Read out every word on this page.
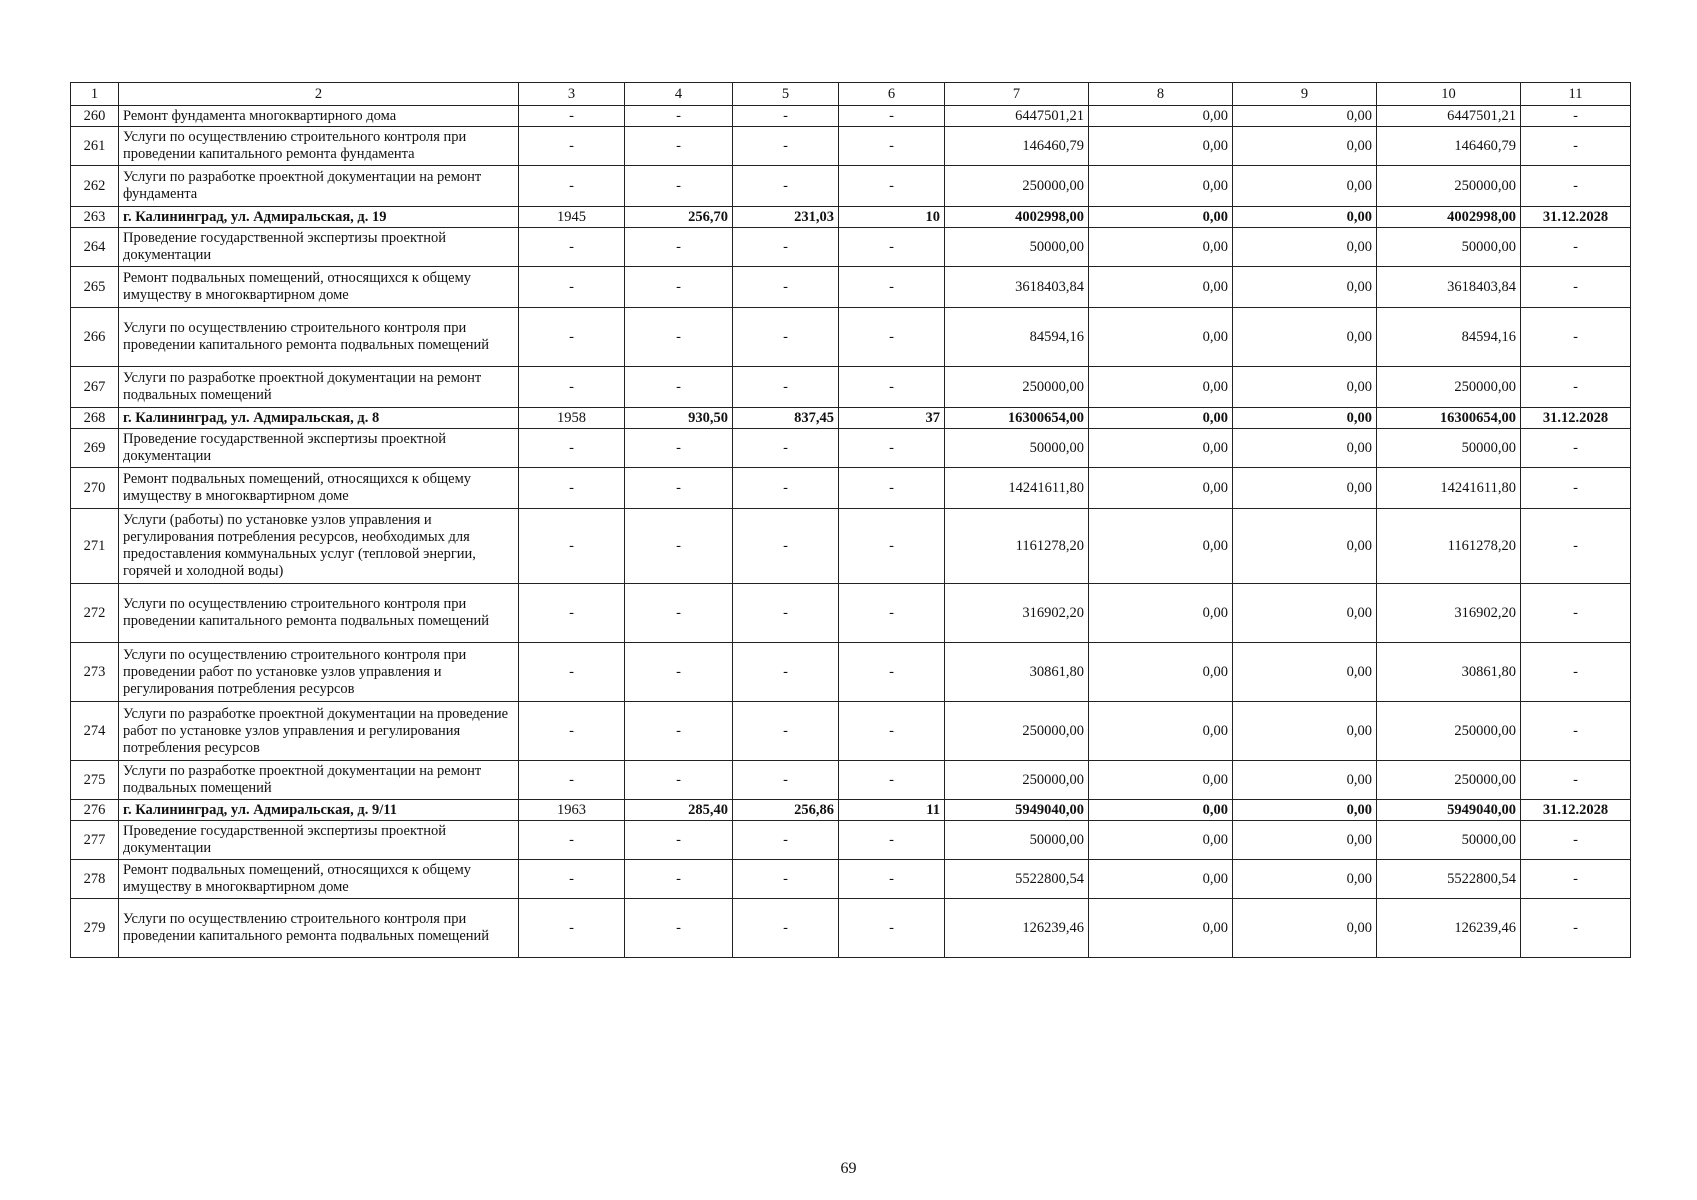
1	2	3	4	5	6	7	8	9	10	11
260	Ремонт фундамента многоквартирного дома	-	-	-	-	6447501,21	0,00	0,00	6447501,21	-
261	Услуги по осуществлению строительного контроля при проведении капитального ремонта фундамента	-	-	-	-	146460,79	0,00	0,00	146460,79	-
262	Услуги по разработке проектной документации на ремонт фундамента	-	-	-	-	250000,00	0,00	0,00	250000,00	-
263	г. Калининград, ул. Адмиральская, д. 19	1945	256,70	231,03	10	4002998,00	0,00	0,00	4002998,00	31.12.2028
264	Проведение государственной экспертизы проектной документации	-	-	-	-	50000,00	0,00	0,00	50000,00	-
265	Ремонт подвальных помещений, относящихся к общему имуществу в многоквартирном доме	-	-	-	-	3618403,84	0,00	0,00	3618403,84	-
266	Услуги по осуществлению строительного контроля при проведении капитального ремонта подвальных помещений	-	-	-	-	84594,16	0,00	0,00	84594,16	-
267	Услуги по разработке проектной документации на ремонт подвальных помещений	-	-	-	-	250000,00	0,00	0,00	250000,00	-
268	г. Калининград, ул. Адмиральская, д. 8	1958	930,50	837,45	37	16300654,00	0,00	0,00	16300654,00	31.12.2028
269	Проведение государственной экспертизы проектной документации	-	-	-	-	50000,00	0,00	0,00	50000,00	-
270	Ремонт подвальных помещений, относящихся к общему имуществу в многоквартирном доме	-	-	-	-	14241611,80	0,00	0,00	14241611,80	-
271	Услуги (работы) по установке узлов управления и регулирования потребления ресурсов, необходимых для предоставления коммунальных услуг (тепловой энергии, горячей и холодной воды)	-	-	-	-	1161278,20	0,00	0,00	1161278,20	-
272	Услуги по осуществлению строительного контроля при проведении капитального ремонта подвальных помещений	-	-	-	-	316902,20	0,00	0,00	316902,20	-
273	Услуги по осуществлению строительного контроля при проведении работ по установке узлов управления и регулирования потребления ресурсов	-	-	-	-	30861,80	0,00	0,00	30861,80	-
274	Услуги по разработке проектной документации на проведение работ по установке узлов управления и регулирования потребления ресурсов	-	-	-	-	250000,00	0,00	0,00	250000,00	-
275	Услуги по разработке проектной документации на ремонт подвальных помещений	-	-	-	-	250000,00	0,00	0,00	250000,00	-
276	г. Калининград, ул. Адмиральская, д. 9/11	1963	285,40	256,86	11	5949040,00	0,00	0,00	5949040,00	31.12.2028
277	Проведение государственной экспертизы проектной документации	-	-	-	-	50000,00	0,00	0,00	50000,00	-
278	Ремонт подвальных помещений, относящихся к общему имуществу в многоквартирном доме	-	-	-	-	5522800,54	0,00	0,00	5522800,54	-
279	Услуги по осуществлению строительного контроля при проведении капитального ремонта подвальных помещений	-	-	-	-	126239,46	0,00	0,00	126239,46	-
69
